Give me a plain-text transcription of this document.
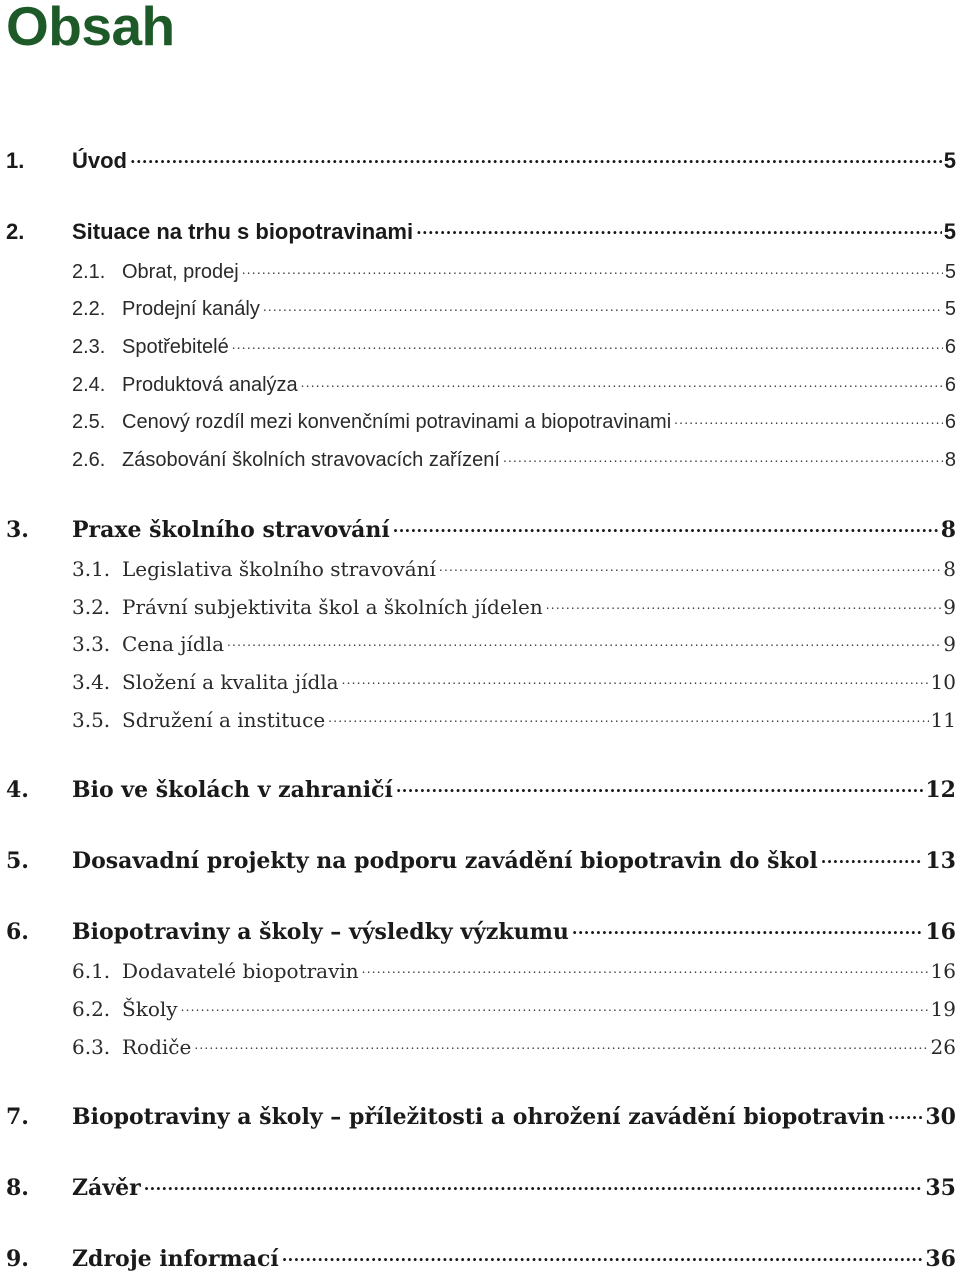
Obsah
1.	Úvod . . .	5
2.	Situace na trhu s biopotravinami . . .	5
2.1. Obrat, prodej . . .	5
2.2. Prodejní kanály . . .	5
2.3. Spotřebitelé . . .	6
2.4. Produktová analýza . . .	6
2.5. Cenový rozdíl mezi konvenčními potravinami a biopotravinami . . .	6
2.6. Zásobování školních stravovacích zařízení . . .	8
3.	Praxe školního stravování . . .	8
3.1. Legislativa školního stravování . . .	8
3.2. Právní subjektivita škol a školních jídelen . . .	9
3.3. Cena jídla . . .	9
3.4. Složení a kvalita jídla . . .	10
3.5. Sdružení a instituce . . .	11
4.	Bio ve školách v zahraničí . . .	12
5.	Dosavadní projekty na podporu zavádění biopotravin do škol . . .	13
6.	Biopotraviny a školy – výsledky výzkumu . . .	16
6.1. Dodavatelé biopotravin . . .	16
6.2. Školy . . .	19
6.3. Rodiče . . .	26
7.	Biopotraviny a školy – příležitosti a ohrožení zavádění biopotravin . . . 30
8.	Závěr . . .	35
9.	Zdroje informací . . .	36
